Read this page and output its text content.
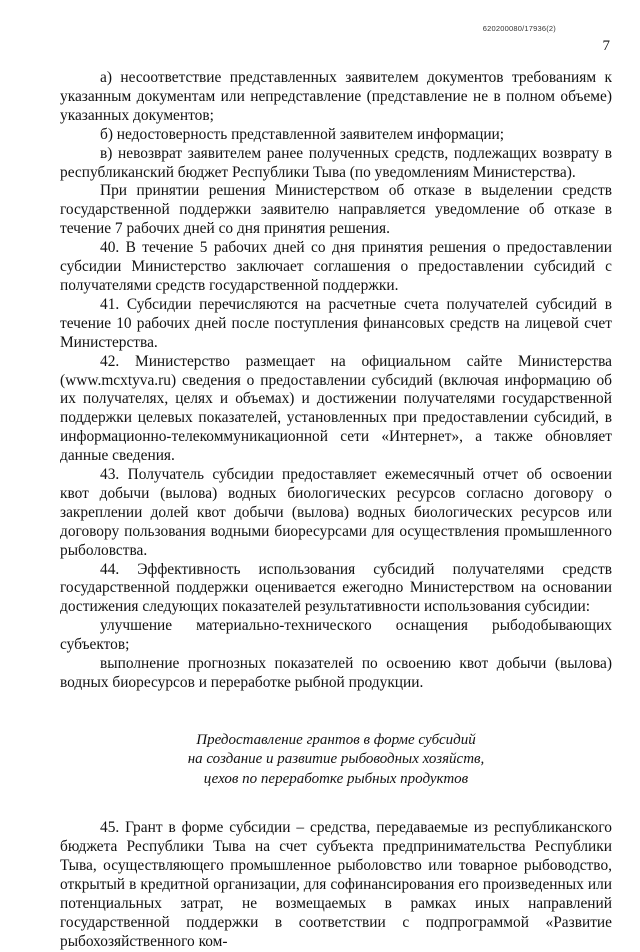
620200080/17936(2)
7

а) несоответствие представленных заявителем документов требованиям к указанным документам или непредставление (представление не в полном объеме) указанных документов;

б) недостоверность представленной заявителем информации;

в) невозврат заявителем ранее полученных средств, подлежащих возврату в республиканский бюджет Республики Тыва (по уведомлениям Министерства).

При принятии решения Министерством об отказе в выделении средств государственной поддержки заявителю направляется уведомление об отказе в течение 7 рабочих дней со дня принятия решения.

40. В течение 5 рабочих дней со дня принятия решения о предоставлении субсидии Министерство заключает соглашения о предоставлении субсидий с получателями средств государственной поддержки.

41. Субсидии перечисляются на расчетные счета получателей субсидий в течение 10 рабочих дней после поступления финансовых средств на лицевой счет Министерства.

42. Министерство размещает на официальном сайте Министерства (www.mcxtyva.ru) сведения о предоставлении субсидий (включая информацию об их получателях, целях и объемах) и достижении получателями государственной поддержки целевых показателей, установленных при предоставлении субсидий, в информационно-телекоммуникационной сети «Интернет», а также обновляет данные сведения.

43. Получатель субсидии предоставляет ежемесячный отчет об освоении квот добычи (вылова) водных биологических ресурсов согласно договору о закреплении долей квот добычи (вылова) водных биологических ресурсов или договору пользования водными биоресурсами для осуществления промышленного рыболовства.

44. Эффективность использования субсидий получателями средств государственной поддержки оценивается ежегодно Министерством на основании достижения следующих показателей результативности использования субсидии:

улучшение материально-технического оснащения рыбодобывающих субъектов;

выполнение прогнозных показателей по освоению квот добычи (вылова) водных биоресурсов и переработке рыбной продукции.

Предоставление грантов в форме субсидий
на создание и развитие рыбоводных хозяйств,
цехов по переработке рыбных продуктов

45. Грант в форме субсидии – средства, передаваемые из республиканского бюджета Республики Тыва на счет субъекта предпринимательства Республики Тыва, осуществляющего промышленное рыболовство или товарное рыбоводство, открытый в кредитной организации, для софинансирования его произведенных или потенциальных затрат, не возмещаемых в рамках иных направлений государственной поддержки в соответствии с подпрограммой «Развитие рыбохозяйственного ком-
